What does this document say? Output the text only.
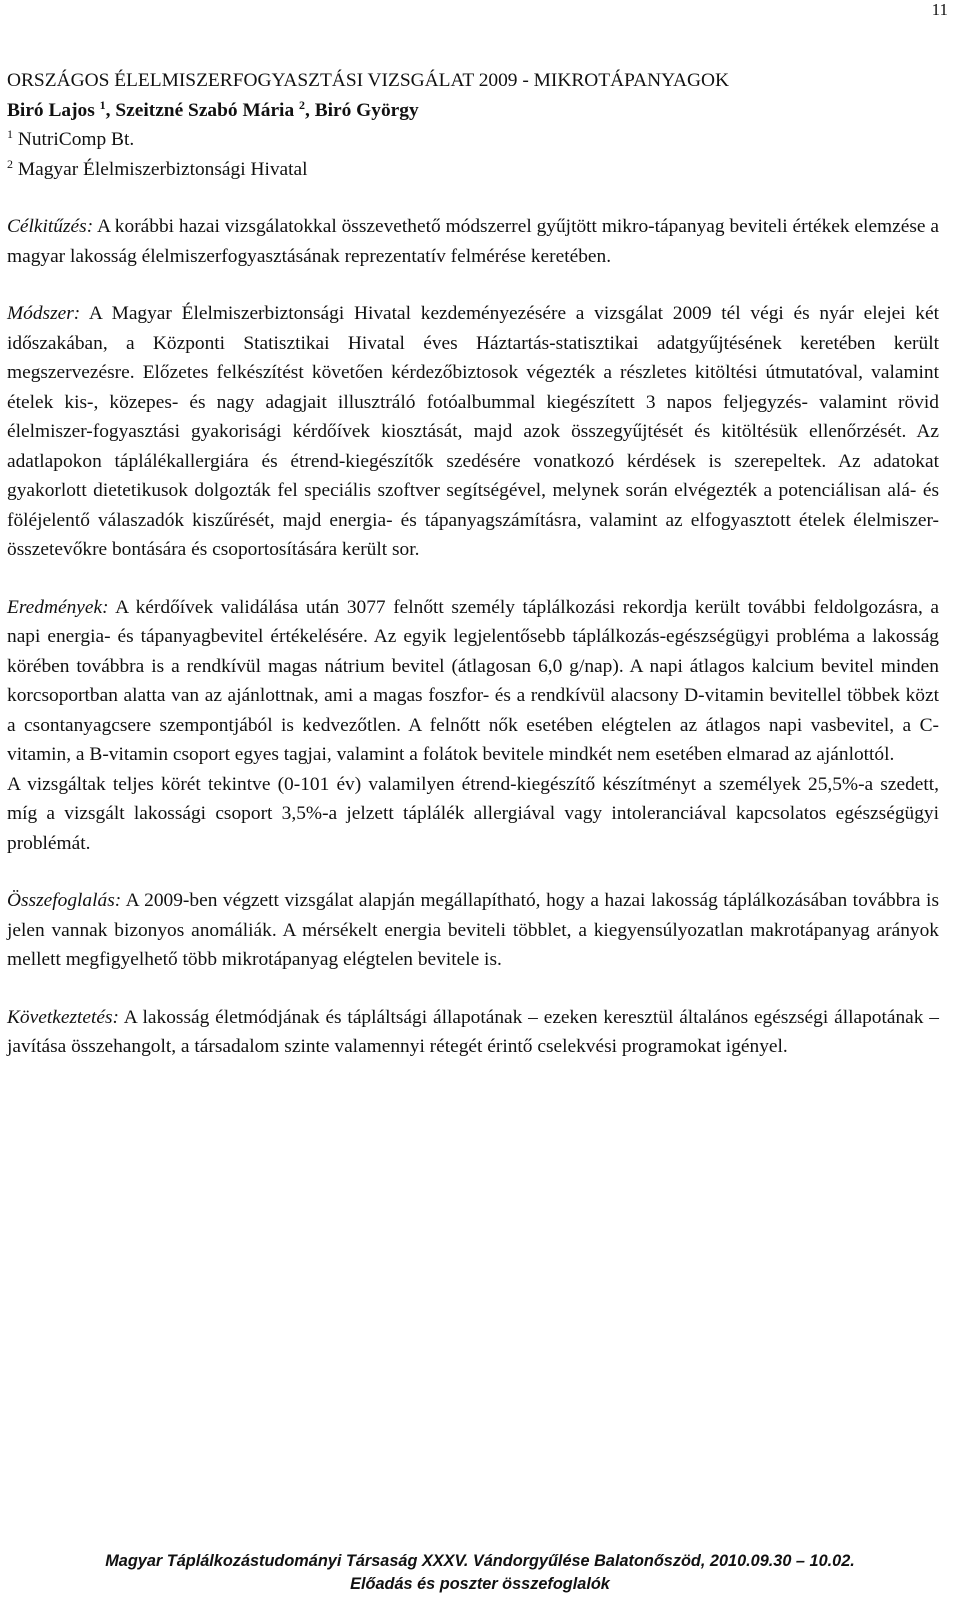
11

ORSZÁGOS ÉLELMISZERFOGYASZTÁSI VIZSGÁLAT 2009 - MIKROTÁPANYAGOK

Biró Lajos $^1$, Szeitzné Szabó Mária $^2$, Biró György

$^1$ NutriComp Bt.

$^2$ Magyar Élelmiszerbiztonsági Hivatal

Célkitűzés: A korábbi hazai vizsgálatokkal összevethető módszerrel gyűjtött mikro-tápanyag beviteli értékek elemzése a magyar lakosság élelmiszerfogyasztásának reprezentatív felmérése keretében.

Módszer: A Magyar Élelmiszerbiztonsági Hivatal kezdeményezésére a vizsgálat 2009 tél végi és nyár elejei két időszakában, a Központi Statisztikai Hivatal éves Háztartás-statisztikai adatgyűjtésének keretében került megszervezésre. Előzetes felkészítést követően kérdezőbiztosok végezték a részletes kitöltési útmutatóval, valamint ételek kis-, közepes- és nagy adagjait illusztráló fotóalbummal kiegészített 3 napos feljegyzés- valamint rövid élelmiszer-fogyasztási gyakorisági kérdőívek kiosztását, majd azok összegyűjtését és kitöltésük ellenőrzését. Az adatlapokon táplálékallergiára és étrend-kiegészítők szedésére vonatkozó kérdések is szerepeltek. Az adatokat gyakorlott dietetikusok dolgozták fel speciális szoftver segítségével, melynek során elvégezték a potenciálisan alá- és föléjelentő válaszadók kiszűrését, majd energia- és tápanyagszámításra, valamint az elfogyasztott ételek élelmiszer-összetevőkre bontására és csoportosítására került sor.

Eredmények: A kérdőívek validálása után 3077 felnőtt személy táplálkozási rekordja került további feldolgozásra, a napi energia- és tápanyagbevitel értékelésére. Az egyik legjelentősebb táplálkozás-egészségügyi probléma a lakosság körében továbbra is a rendkívül magas nátrium bevitel (átlagosan 6,0 g/nap). A napi átlagos kalcium bevitel minden korcsoportban alatta van az ajánlottnak, ami a magas foszfor- és a rendkívül alacsony D-vitamin bevitellel többek közt a csontanyagcsere szempontjából is kedvezőtlen. A felnőtt nők esetében elégtelen az átlagos napi vasbevitel, a C-vitamin, a B-vitamin csoport egyes tagjai, valamint a folátok bevitele mindkét nem esetében elmarad az ajánlottól.

A vizsgáltak teljes körét tekintve (0-101 év) valamilyen étrend-kiegészítő készítményt a személyek 25,5%-a szedett, míg a vizsgált lakossági csoport 3,5%-a jelzett táplálék allergiával vagy intoleranciával kapcsolatos egészségügyi problémát.

Összefoglalás: A 2009-ben végzett vizsgálat alapján megállapítható, hogy a hazai lakosság táplálkozásában továbbra is jelen vannak bizonyos anomáliák. A mérsékelt energia beviteli többlet, a kiegyensúlyozatlan makrotápanyag arányok mellett megfigyelhető több mikrotápanyag elégtelen bevitele is.

Következtetés: A lakosság életmódjának és tápláltsági állapotának – ezeken keresztül általános egészségi állapotának – javítása összehangolt, a társadalom szinte valamennyi rétegét érintő cselekvési programokat igényel.

Magyar Táplálkozástudományi Társaság XXXV. Vándorgyűlése Balatonőszöd, 2010.09.30 – 10.02.
Előadás és poszter összefoglalók
